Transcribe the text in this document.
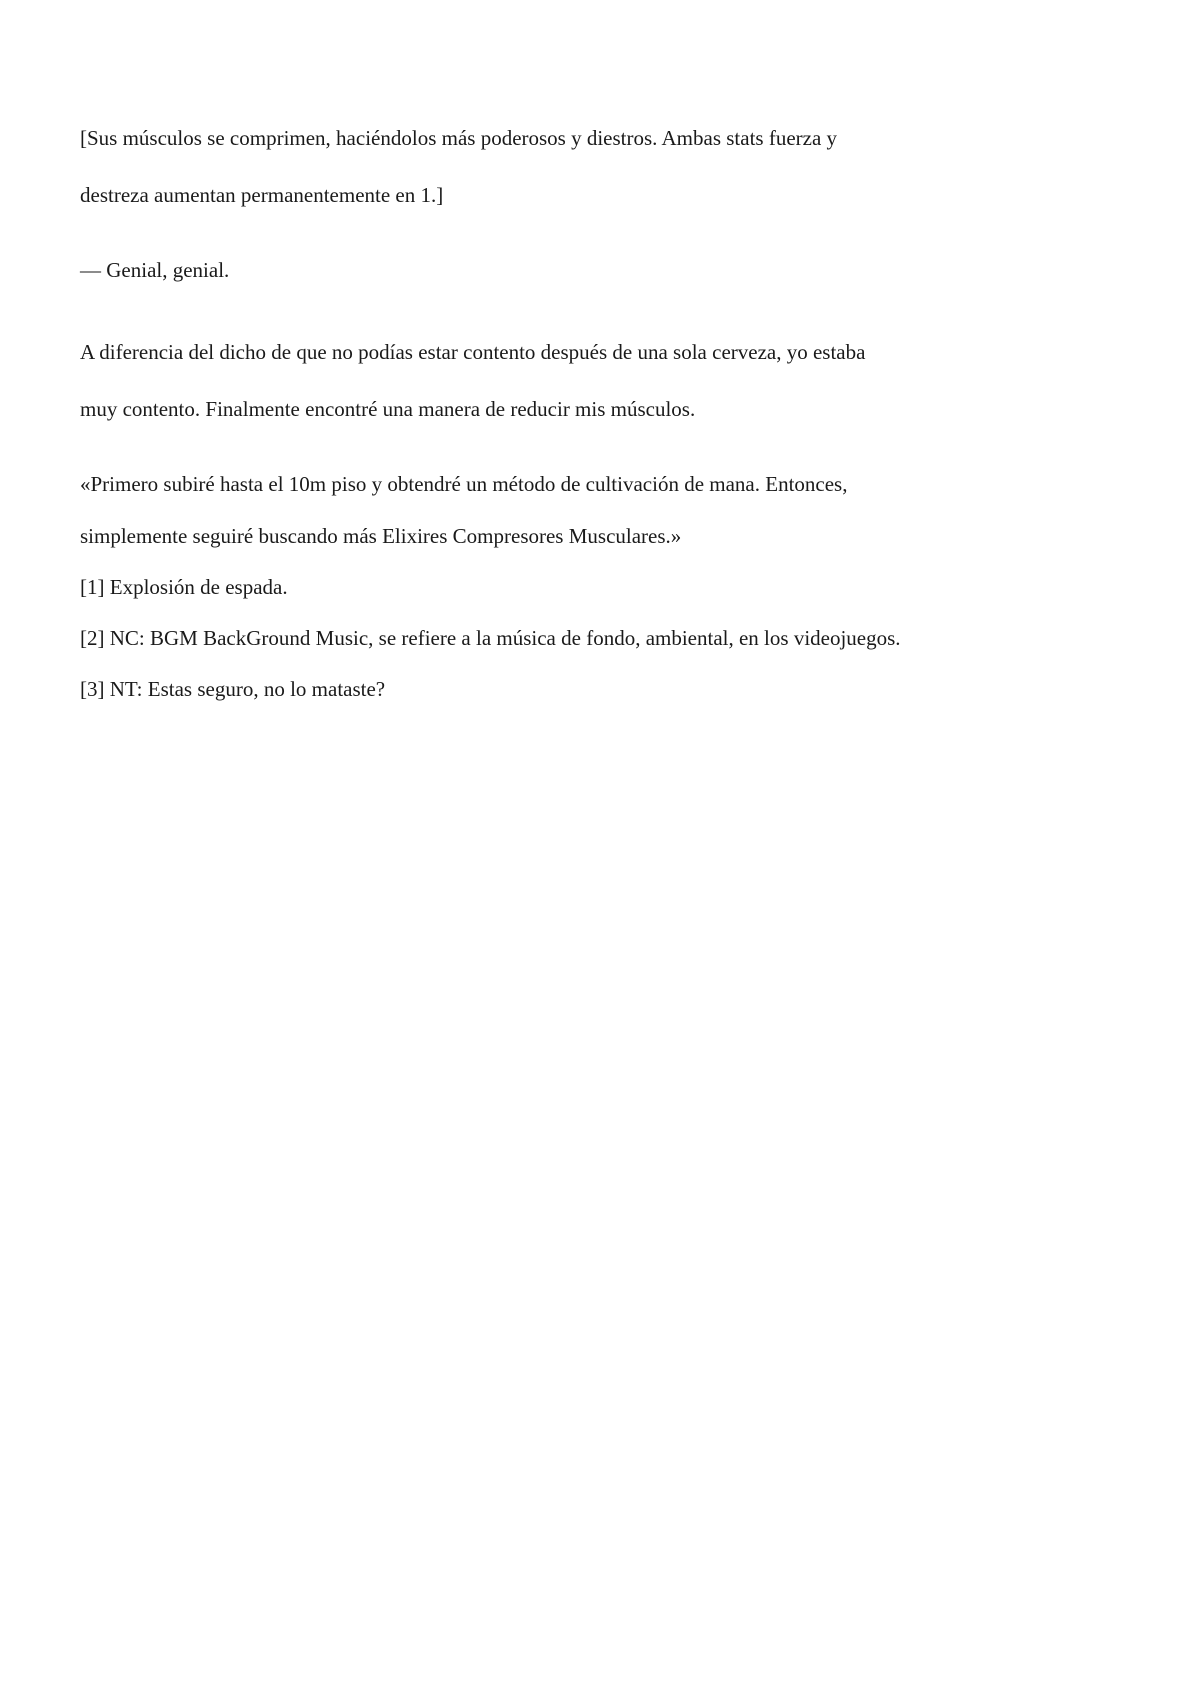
[Sus músculos se comprimen, haciéndolos más poderosos y diestros. Ambas stats fuerza y

destreza aumentan permanentemente en 1.]

— Genial, genial.

A diferencia del dicho de que no podías estar contento después de una sola cerveza, yo estaba

muy contento. Finalmente encontré una manera de reducir mis músculos.

«Primero subiré hasta el 10m piso y obtendré un método de cultivación de mana. Entonces,

simplemente seguiré buscando más Elixires Compresores Musculares.»

[1] Explosión de espada.

[2] NC: BGM BackGround Music, se refiere a la música de fondo, ambiental, en los videojuegos.

[3] NT: Estas seguro, no lo mataste?
